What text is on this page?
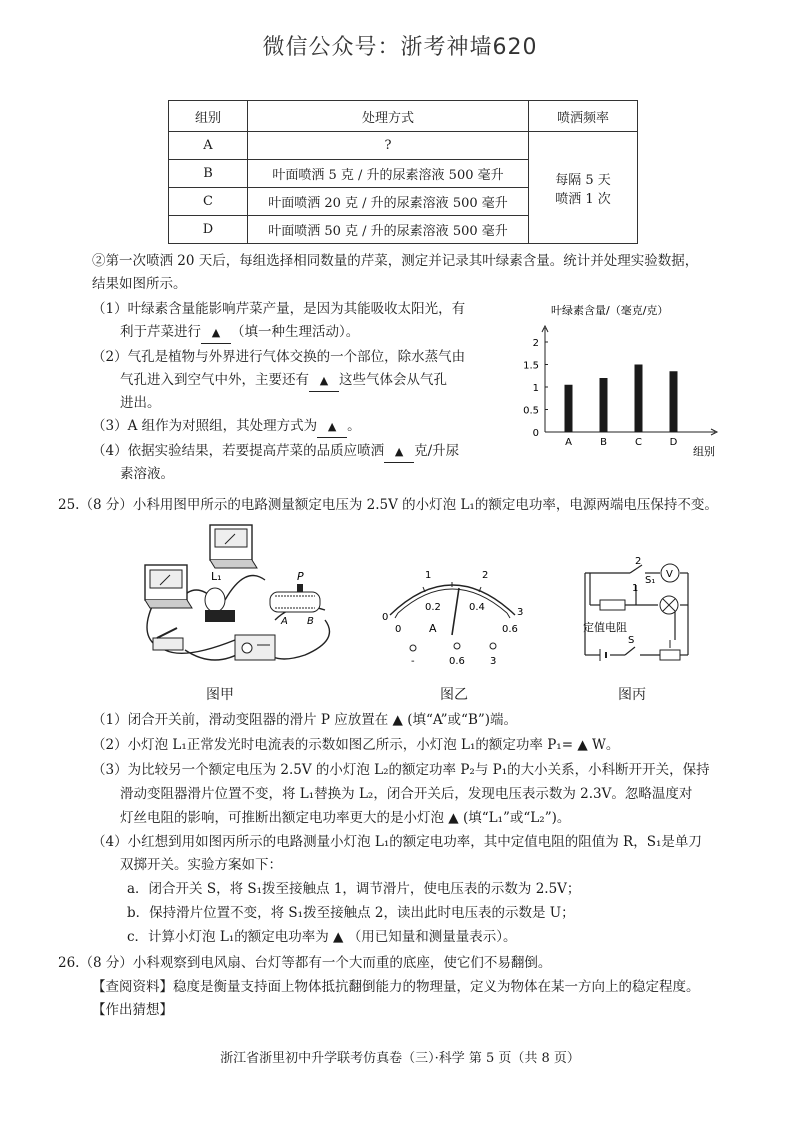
微信公众号：浙考神墙620
组别	处理方式	喷洒频率
A	?	每隔 5 天
喷洒 1 次
B	叶面喷洒 5 克 / 升的尿素溶液 500 毫升	
C	叶面喷洒 20 克 / 升的尿素溶液 500 毫升	
D	叶面喷洒 50 克 / 升的尿素溶液 500 毫升	
②第一次喷洒 20 天后，每组选择相同数量的芹菜，测定并记录其叶绿素含量。统计并处理实验数据，
结果如图所示。
（1）叶绿素含量能影响芹菜产量，是因为其能吸收太阳光，有
利于芹菜进行 ▲ （填一种生理活动）。
（2）气孔是植物与外界进行气体交换的一个部位，除水蒸气由
气孔进入到空气中外，主要还有 ▲ 这些气体会从气孔
进出。
（3）A 组作为对照组，其处理方式为 ▲ 。
（4）依据实验结果，若要提高芹菜的品质应喷洒 ▲ 克/升尿
素溶液。
叶绿素含量/（毫克/克）
0
0.5
1
1.5
2
A	B	C	D
组别
25.（8 分）小科用图甲所示的电路测量额定电压为 2.5V 的小灯泡 L₁的额定电功率，电源两端电压保持不变。
L₁	P
A B
图甲
0
1	2
3
0.2	0.4
0	0.6
A
-	0.6	3
图乙
V
2
1
S₁
定值电阻
S
图丙
（1）闭合开关前，滑动变阻器的滑片 P 应放置在 ▲ (填“A”或“B”)端。
（2）小灯泡 L₁正常发光时电流表的示数如图乙所示，小灯泡 L₁的额定功率 P₁= ▲ W。
（3）为比较另一个额定电压为 2.5V 的小灯泡 L₂的额定功率 P₂与 P₁的大小关系，小科断开开关，保持
滑动变阻器滑片位置不变，将 L₁替换为 L₂，闭合开关后，发现电压表示数为 2.3V。忽略温度对
灯丝电阻的影响，可推断出额定电功率更大的是小灯泡 ▲ (填“L₁”或“L₂”)。
（4）小红想到用如图丙所示的电路测量小灯泡 L₁的额定电功率，其中定值电阻的阻值为 R，S₁是单刀
双掷开关。实验方案如下：
a．闭合开关 S，将 S₁拨至接触点 1，调节滑片，使电压表的示数为 2.5V；
b．保持滑片位置不变，将 S₁拨至接触点 2，读出此时电压表的示数是 U；
c．计算小灯泡 L₁的额定电功率为 ▲ （用已知量和测量量表示）。
26.（8 分）小科观察到电风扇、台灯等都有一个大而重的底座，使它们不易翻倒。
【查阅资料】稳度是衡量支持面上物体抵抗翻倒能力的物理量，定义为物体在某一方向上的稳定程度。
【作出猜想】
浙江省浙里初中升学联考仿真卷（三）·科学 第 5 页（共 8 页）
